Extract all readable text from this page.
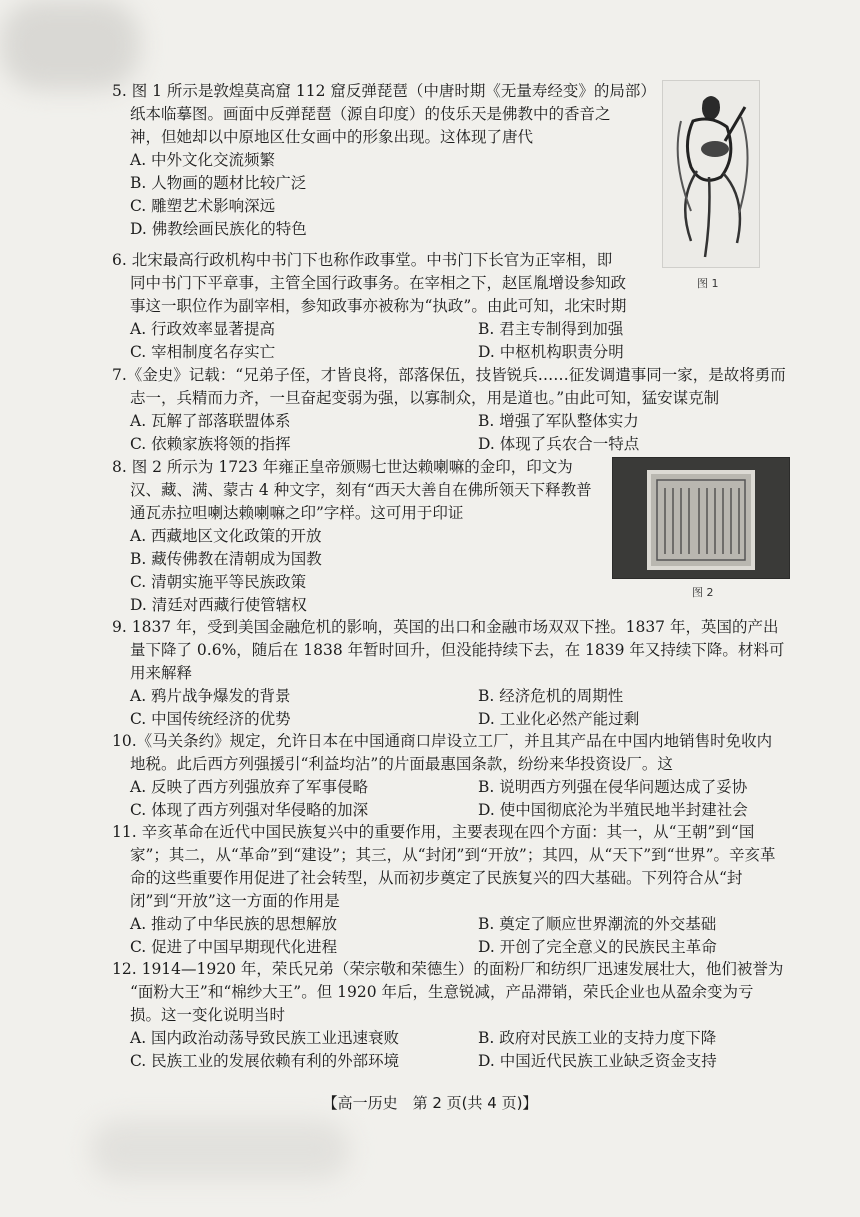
5. 图 1 所示是敦煌莫高窟 112 窟反弹琵琶（中唐时期《无量寿经变》的局部）

纸本临摹图。画面中反弹琵琶（源自印度）的伎乐天是佛教中的香音之

神，但她却以中原地区仕女画中的形象出现。这体现了唐代

A. 中外文化交流频繁

B. 人物画的题材比较广泛

C. 雕塑艺术影响深远

D. 佛教绘画民族化的特色

图 1

6. 北宋最高行政机构中书门下也称作政事堂。中书门下长官为正宰相，即

同中书门下平章事，主管全国行政事务。在宰相之下，赵匡胤增设参知政

事这一职位作为副宰相，参知政事亦被称为“执政”。由此可知，北宋时期

A. 行政效率显著提高	B. 君主专制得到加强
C. 宰相制度名存实亡	D. 中枢机构职责分明

7.《金史》记载：“兄弟子侄，才皆良将，部落保伍，技皆锐兵……征发调遣事同一家，是故将勇而

志一，兵精而力齐，一旦奋起变弱为强，以寡制众，用是道也。”由此可知，猛安谋克制

A. 瓦解了部落联盟体系	B. 增强了军队整体实力
C. 依赖家族将领的指挥	D. 体现了兵农合一特点

8. 图 2 所示为 1723 年雍正皇帝颁赐七世达赖喇嘛的金印，印文为

汉、藏、满、蒙古 4 种文字，刻有“西天大善自在佛所领天下释教普

通瓦赤拉呾喇达赖喇嘛之印”字样。这可用于印证

A. 西藏地区文化政策的开放

B. 藏传佛教在清朝成为国教

C. 清朝实施平等民族政策

D. 清廷对西藏行使管辖权

图 2

9. 1837 年，受到美国金融危机的影响，英国的出口和金融市场双双下挫。1837 年，英国的产出

量下降了 0.6%，随后在 1838 年暂时回升，但没能持续下去，在 1839 年又持续下降。材料可

用来解释

A. 鸦片战争爆发的背景	B. 经济危机的周期性
C. 中国传统经济的优势	D. 工业化必然产能过剩

10.《马关条约》规定，允许日本在中国通商口岸设立工厂，并且其产品在中国内地销售时免收内

地税。此后西方列强援引“利益均沾”的片面最惠国条款，纷纷来华投资设厂。这

A. 反映了西方列强放弃了军事侵略	B. 说明西方列强在侵华问题达成了妥协
C. 体现了西方列强对华侵略的加深	D. 使中国彻底沦为半殖民地半封建社会

11. 辛亥革命在近代中国民族复兴中的重要作用，主要表现在四个方面：其一，从“王朝”到“国

家”；其二，从“革命”到“建设”；其三，从“封闭”到“开放”；其四，从“天下”到“世界”。辛亥革

命的这些重要作用促进了社会转型，从而初步奠定了民族复兴的四大基础。下列符合从“封

闭”到“开放”这一方面的作用是

A. 推动了中华民族的思想解放	B. 奠定了顺应世界潮流的外交基础
C. 促进了中国早期现代化进程	D. 开创了完全意义的民族民主革命

12. 1914—1920 年，荣氏兄弟（荣宗敬和荣德生）的面粉厂和纺织厂迅速发展壮大，他们被誉为

“面粉大王”和“棉纱大王”。但 1920 年后，生意锐减，产品滞销，荣氏企业也从盈余变为亏

损。这一变化说明当时

A. 国内政治动荡导致民族工业迅速衰败	B. 政府对民族工业的支持力度下降
C. 民族工业的发展依赖有利的外部环境	D. 中国近代民族工业缺乏资金支持
【高一历史　第 2 页(共 4 页)】
